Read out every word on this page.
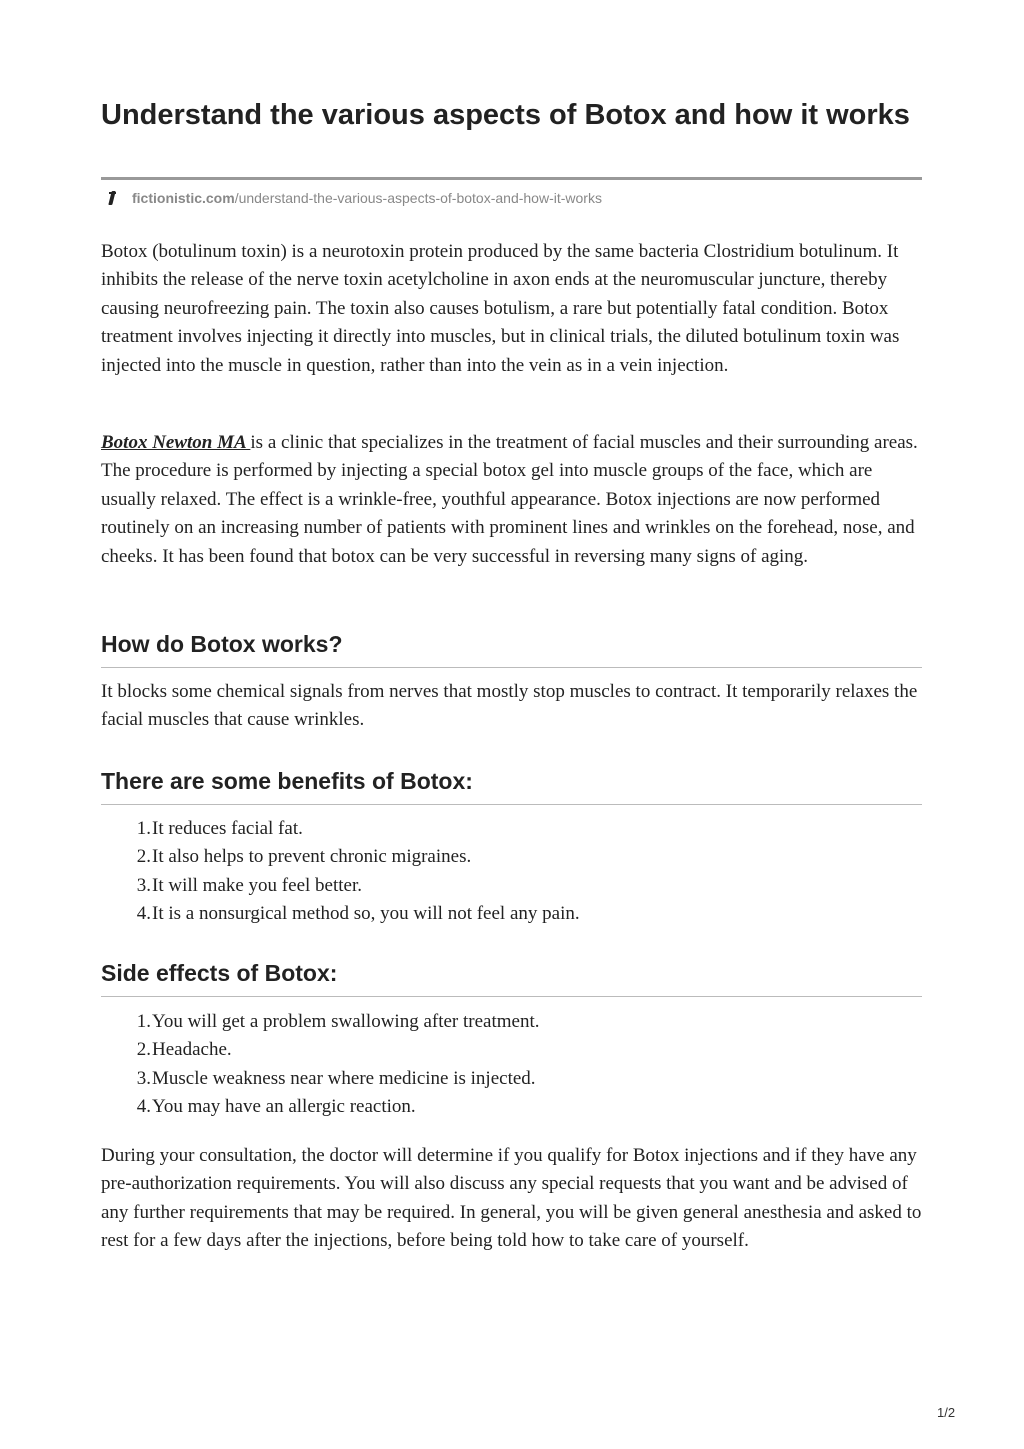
Understand the various aspects of Botox and how it works
fictionistic.com/understand-the-various-aspects-of-botox-and-how-it-works

Botox (botulinum toxin) is a neurotoxin protein produced by the same bacteria Clostridium botulinum. It inhibits the release of the nerve toxin acetylcholine in axon ends at the neuromuscular juncture, thereby causing neurofreezing pain. The toxin also causes botulism, a rare but potentially fatal condition. Botox treatment involves injecting it directly into muscles, but in clinical trials, the diluted botulinum toxin was injected into the muscle in question, rather than into the vein as in a vein injection.

Botox Newton MA is a clinic that specializes in the treatment of facial muscles and their surrounding areas. The procedure is performed by injecting a special botox gel into muscle groups of the face, which are usually relaxed. The effect is a wrinkle-free, youthful appearance. Botox injections are now performed routinely on an increasing number of patients with prominent lines and wrinkles on the forehead, nose, and cheeks. It has been found that botox can be very successful in reversing many signs of aging.

How do Botox works?

It blocks some chemical signals from nerves that mostly stop muscles to contract. It temporarily relaxes the facial muscles that cause wrinkles.

There are some benefits of Botox:
1. It reduces facial fat.
2. It also helps to prevent chronic migraines.
3. It will make you feel better.
4. It is a nonsurgical method so, you will not feel any pain.
Side effects of Botox:
1. You will get a problem swallowing after treatment.
2. Headache.
3. Muscle weakness near where medicine is injected.
4. You may have an allergic reaction.

During your consultation, the doctor will determine if you qualify for Botox injections and if they have any pre-authorization requirements. You will also discuss any special requests that you want and be advised of any further requirements that may be required. In general, you will be given general anesthesia and asked to rest for a few days after the injections, before being told how to take care of yourself.

1/2
